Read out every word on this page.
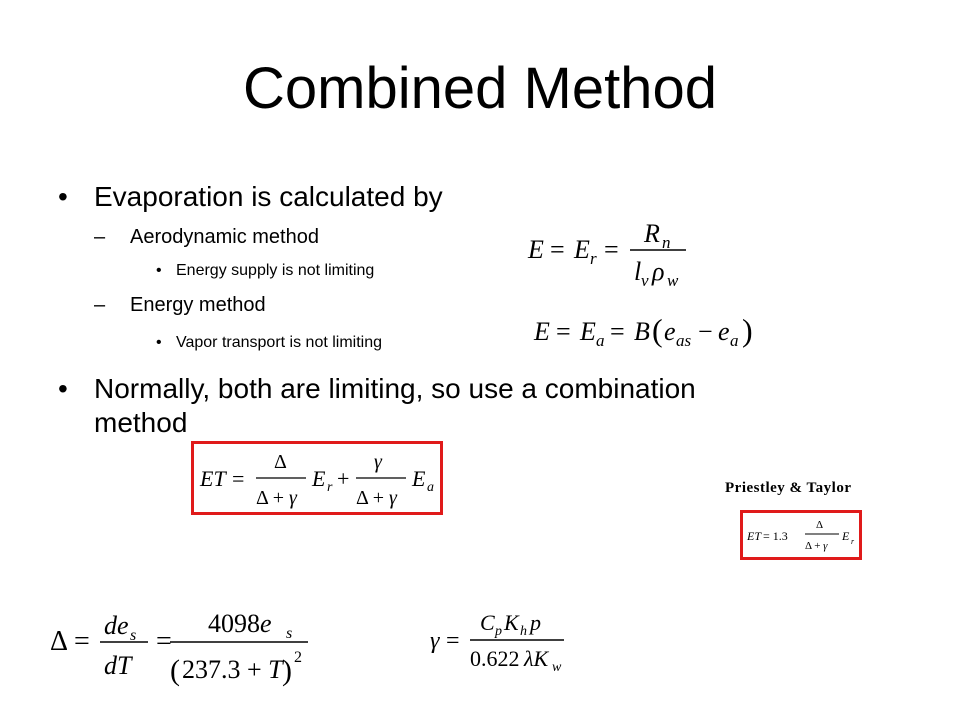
Combined Method
• Evaporation is calculated by
– Aerodynamic method
• Energy supply is not limiting
– Energy method
• Vapor transport is not limiting
• Normally, both are limiting, so use a combination
method
E = E r =
R n
l v ρ w
E = E a = B ( e as − e a )
ET =
Δ
Δ + γ
E r +
γ
Δ + γ
E a	Priestley & Taylor
ET = 1.3
Δ
Δ + γ
E r
Δ =
de s
dT
=
4098e s
( 237.3 + T ) 2
γ =
C p K h p
0.622 λK w
